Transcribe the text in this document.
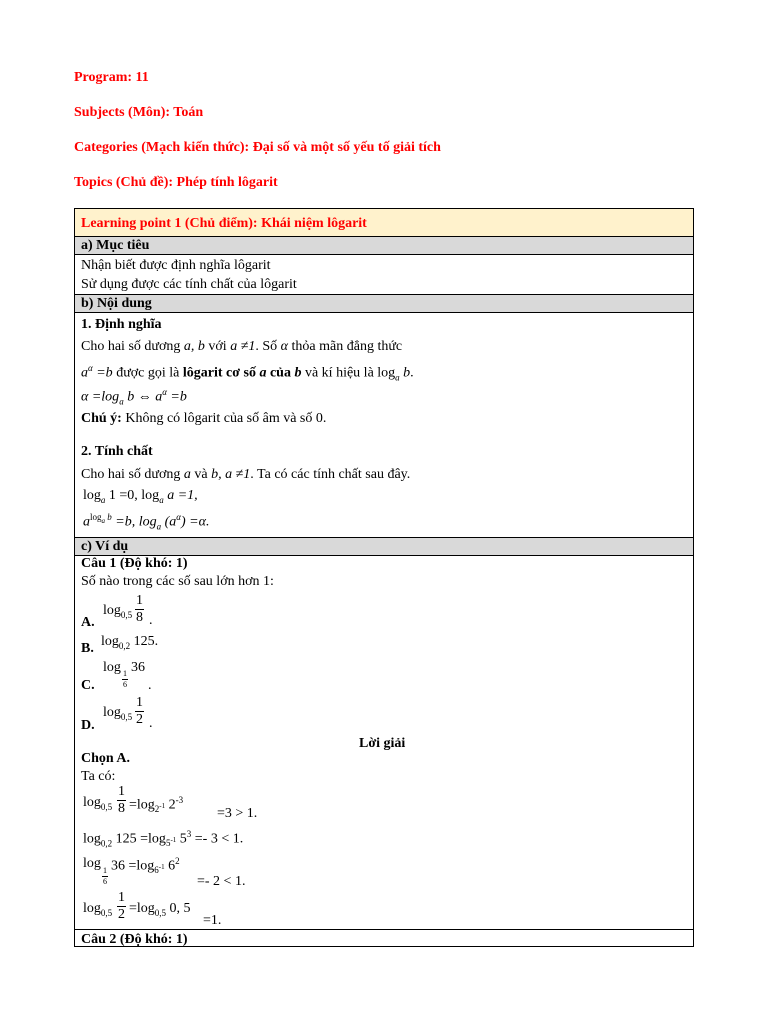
Program: 11
Subjects (Môn): Toán
Categories (Mạch kiến thức): Đại số và một số yếu tố giải tích
Topics (Chủ đề): Phép tính lôgarit
Learning point 1 (Chủ điểm): Khái niệm lôgarit
a) Mục tiêu
Nhận biết được định nghĩa lôgarit
Sử dụng được các tính chất của lôgarit
b) Nội dung
1. Định nghĩa
Cho hai số dương a, b với a ≠1. Số α thỏa mãn đẳng thức
$a^\alpha =b$ được gọi là lôgarit cơ số a của b và kí hiệu là $\log_a b$.
$\alpha =\log_a$ b ⇔ $a^\alpha =b$
Chú ý: Không có lôgarit của số âm và số 0.
2. Tính chất
Cho hai số dương a và b, a ≠1. Ta có các tính chất sau đây.
$\log_a 1 =0$, $\log_a a =1$,
$a^{log_a b} =b$, $\log_a (a^\alpha) =\alpha$.
c) Ví dụ
Câu 1 (Độ khó: 1)
Số nào trong các số sau lớn hơn 1:
A.
$\log_{0,5} \frac{1}{8}$ .
B. $\log_{0,2} 125$.
C.
log
$\frac{1}{6}$
36
.
D.
$\log_{0,5} \frac{1}{2}$ .
Lời giải
Chọn A.
Ta có:
$\log_{0,5} \frac{1}{8} =\log_{2^{-1}}$ $2^{-3}$
=3 > 1.
$\log_{0,2} 125 =\log_{5^{-1}}$ $5^3 =- 3 < 1$.
log
$\frac{1}{6}$
$36 =\log_{6^{-1}}$ $6^2$
=- 2 < 1.
$\log_{0,5} \frac{1}{2} =\log_{0,5}$ 0, 5
=1.
Câu 2 (Độ khó: 1)
